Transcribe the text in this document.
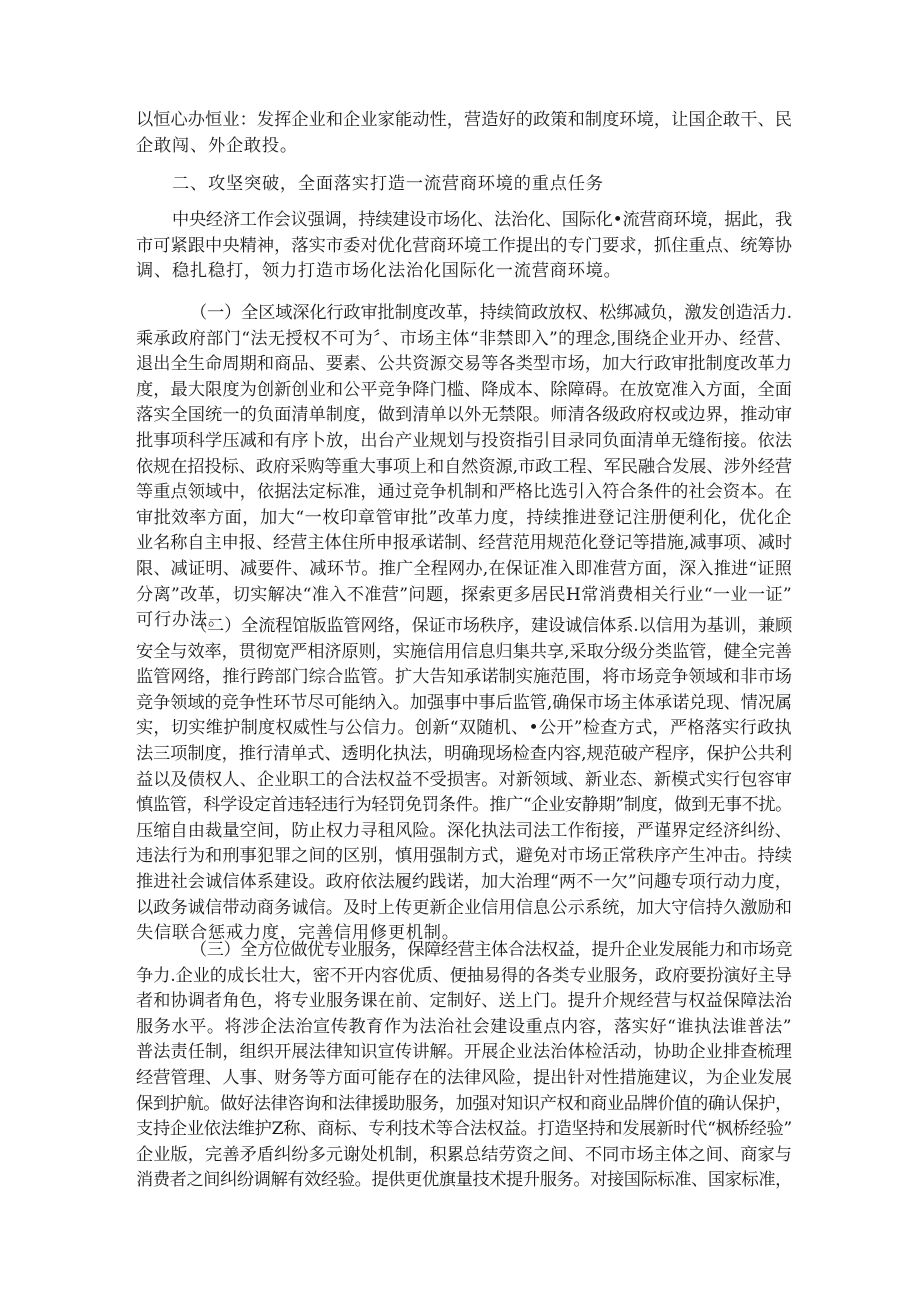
以恒心办恒业：发挥企业和企业家能动性，营造好的政策和制度环境，让国企敢干、民
企敢闯、外企敢投。
二、攻坚突破，全面落实打造一流营商环境的重点任务
中央经济工作会议强调，持续建设市场化、法治化、国际化•流营商环境，据此，我
市可紧跟中央精神，落实市委对优化营商环境工作提出的专门要求，抓住重点、统筹协
调、稳扎稳打，领力打造市场化法治化国际化一流营商环境。
（一）全区域深化行政审批制度改革，持续简政放权、松绑减负，激发创造活力.
乘承政府部门“法无授权不可为〞、市场主体“非禁即入”的理念,围绕企业开办、经营、
退出全生命周期和商品、要素、公共资源交易等各类型市场，加大行政审批制度改革力
度，最大限度为创新创业和公平竞争降门槛、降成本、除障碍。在放宽准入方面，全面
落实全国统一的负面清单制度，做到清单以外无禁限。师清各级政府权或边界，推动审
批事项科学压减和有序卜放，出台产业规划与投资指引目录同负面清单无缝衔接。依法
依规在招投标、政府采购等重大事项上和自然资源,市政工程、军民融合发展、涉外经营
等重点领域中，依据法定标准，通过竞争机制和严格比选引入符合条件的社会资本。在
审批效率方面，加大“一枚印章管审批”改革力度，持续推进登记注册便利化，优化企
业名称自主申报、经营主体住所申报承诺制、经营范用规范化登记等措施,减事项、减时
限、减证明、减要件、减环节。推广全程网办,在保证准入即准营方面，深入推进“证照
分离”改革，切实解决“准入不准营”问题，探索更多居民H常消费相关行业“一业一证”
可行办法。
（二）全流程馆版监管网络，保证市场秩序，建设诚信体系.以信用为基训，兼顾
安全与效率，贯彻宽严相济原则，实施信用信息归集共享,采取分级分类监管，健全完善
监管网络，推行跨部门综合监管。扩大告知承诺制实施范围，将市场竞争领域和非市场
竞争领域的竞争性环节尽可能纳入。加强事中事后监管,确保市场主体承诺兑现、情况属
实，切实维护制度权威性与公信力。创新“双随机、•公开”检查方式，严格落实行政执
法三项制度，推行清单式、透明化执法，明确现场检查内容,规范破产程序，保护公共利
益以及债权人、企业职工的合法权益不受损害。对新领域、新业态、新模式实行包容审
慎监管，科学设定首违轻违行为轻罚免罚条件。推广“企业安静期”制度，做到无事不扰。
压缩自由裁量空间，防止权力寻租风险。深化执法司法工作衔接，严谨界定经济纠纷、
违法行为和刑事犯罪之间的区别，慎用强制方式，避免对市场正常秩序产生冲击。持续
推进社会诚信体系建设。政府依法履约践诺，加大治理“两不一欠”问趣专项行动力度，
以政务诚信带动商务诚信。及时上传更新企业信用信息公示系统，加大守信持久激励和
失信联合惩戒力度，完善信用修更机制。
（三）全方位做优专业服务，保障经营主体合法权益，提升企业发展能力和市场竞
争力.企业的成长壮大，密不开内容优质、便抽易得的各类专业服务，政府要扮演好主导
者和协调者角色，将专业服务课在前、定制好、送上门。提升介规经营与权益保障法治
服务水平。将涉企法治宣传教育作为法治社会建设重点内容，落实好“谁执法谁普法”
普法责任制，组织开展法律知识宣传讲解。开展企业法治体检活动，协助企业排查梳理
经营管理、人事、财务等方面可能存在的法律风险，提出针对性措施建议，为企业发展
保到护航。做好法律咨询和法律援助服务，加强对知识产权和商业品牌价值的确认保护，
支持企业依法维护Z称、商标、专利技术等合法权益。打造坚持和发展新时代“枫桥经验”
企业版，完善矛盾纠纷多元谢处机制，积累总结劳资之间、不同市场主体之间、商家与
消费者之间纠纷调解有效经验。提供更优旗量技术提升服务。对接国际标准、国家标准，
